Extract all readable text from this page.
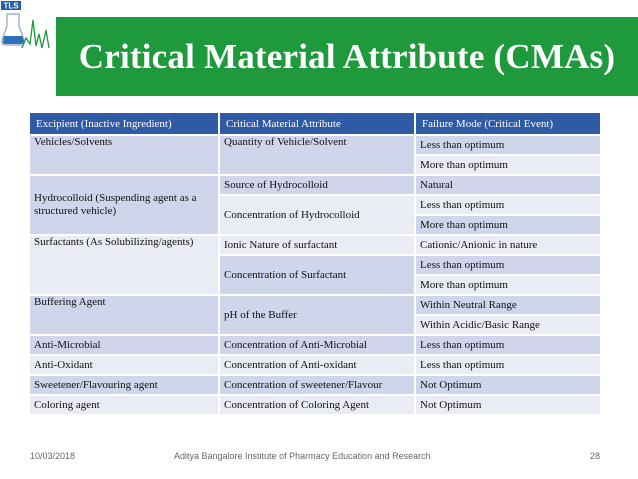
TLS
Critical Material Attribute (CMAs)
Excipient (Inactive Ingredient)	Critical Material Attribute	Failure Mode (Critical Event)
Vehicles/Solvents	Quantity of Vehicle/Solvent	Less than optimum
		More than optimum
Hydrocolloid (Suspending agent as a structured vehicle)	Source of Hydrocolloid	Natural
	Concentration of Hydrocolloid	Less than optimum
		More than optimum
Surfactants (As Solubilizing/agents)	Ionic Nature of surfactant	Cationic/Anionic in nature
	Concentration of Surfactant	Less than optimum
		More than optimum
Buffering Agent	pH of the Buffer	Within Neutral Range
		Within Acidic/Basic Range
Anti-Microbial	Concentration of Anti-Microbial	Less than optimum
Anti-Oxidant	Concentration of Anti-oxidant	Less than optimum
Sweetener/Flavouring agent	Concentration of sweetener/Flavour	Not Optimum
Coloring agent	Concentration of Coloring Agent	Not Optimum
10/03/2018	Aditya Bangalore Institute of Pharmacy Education and Research	28
